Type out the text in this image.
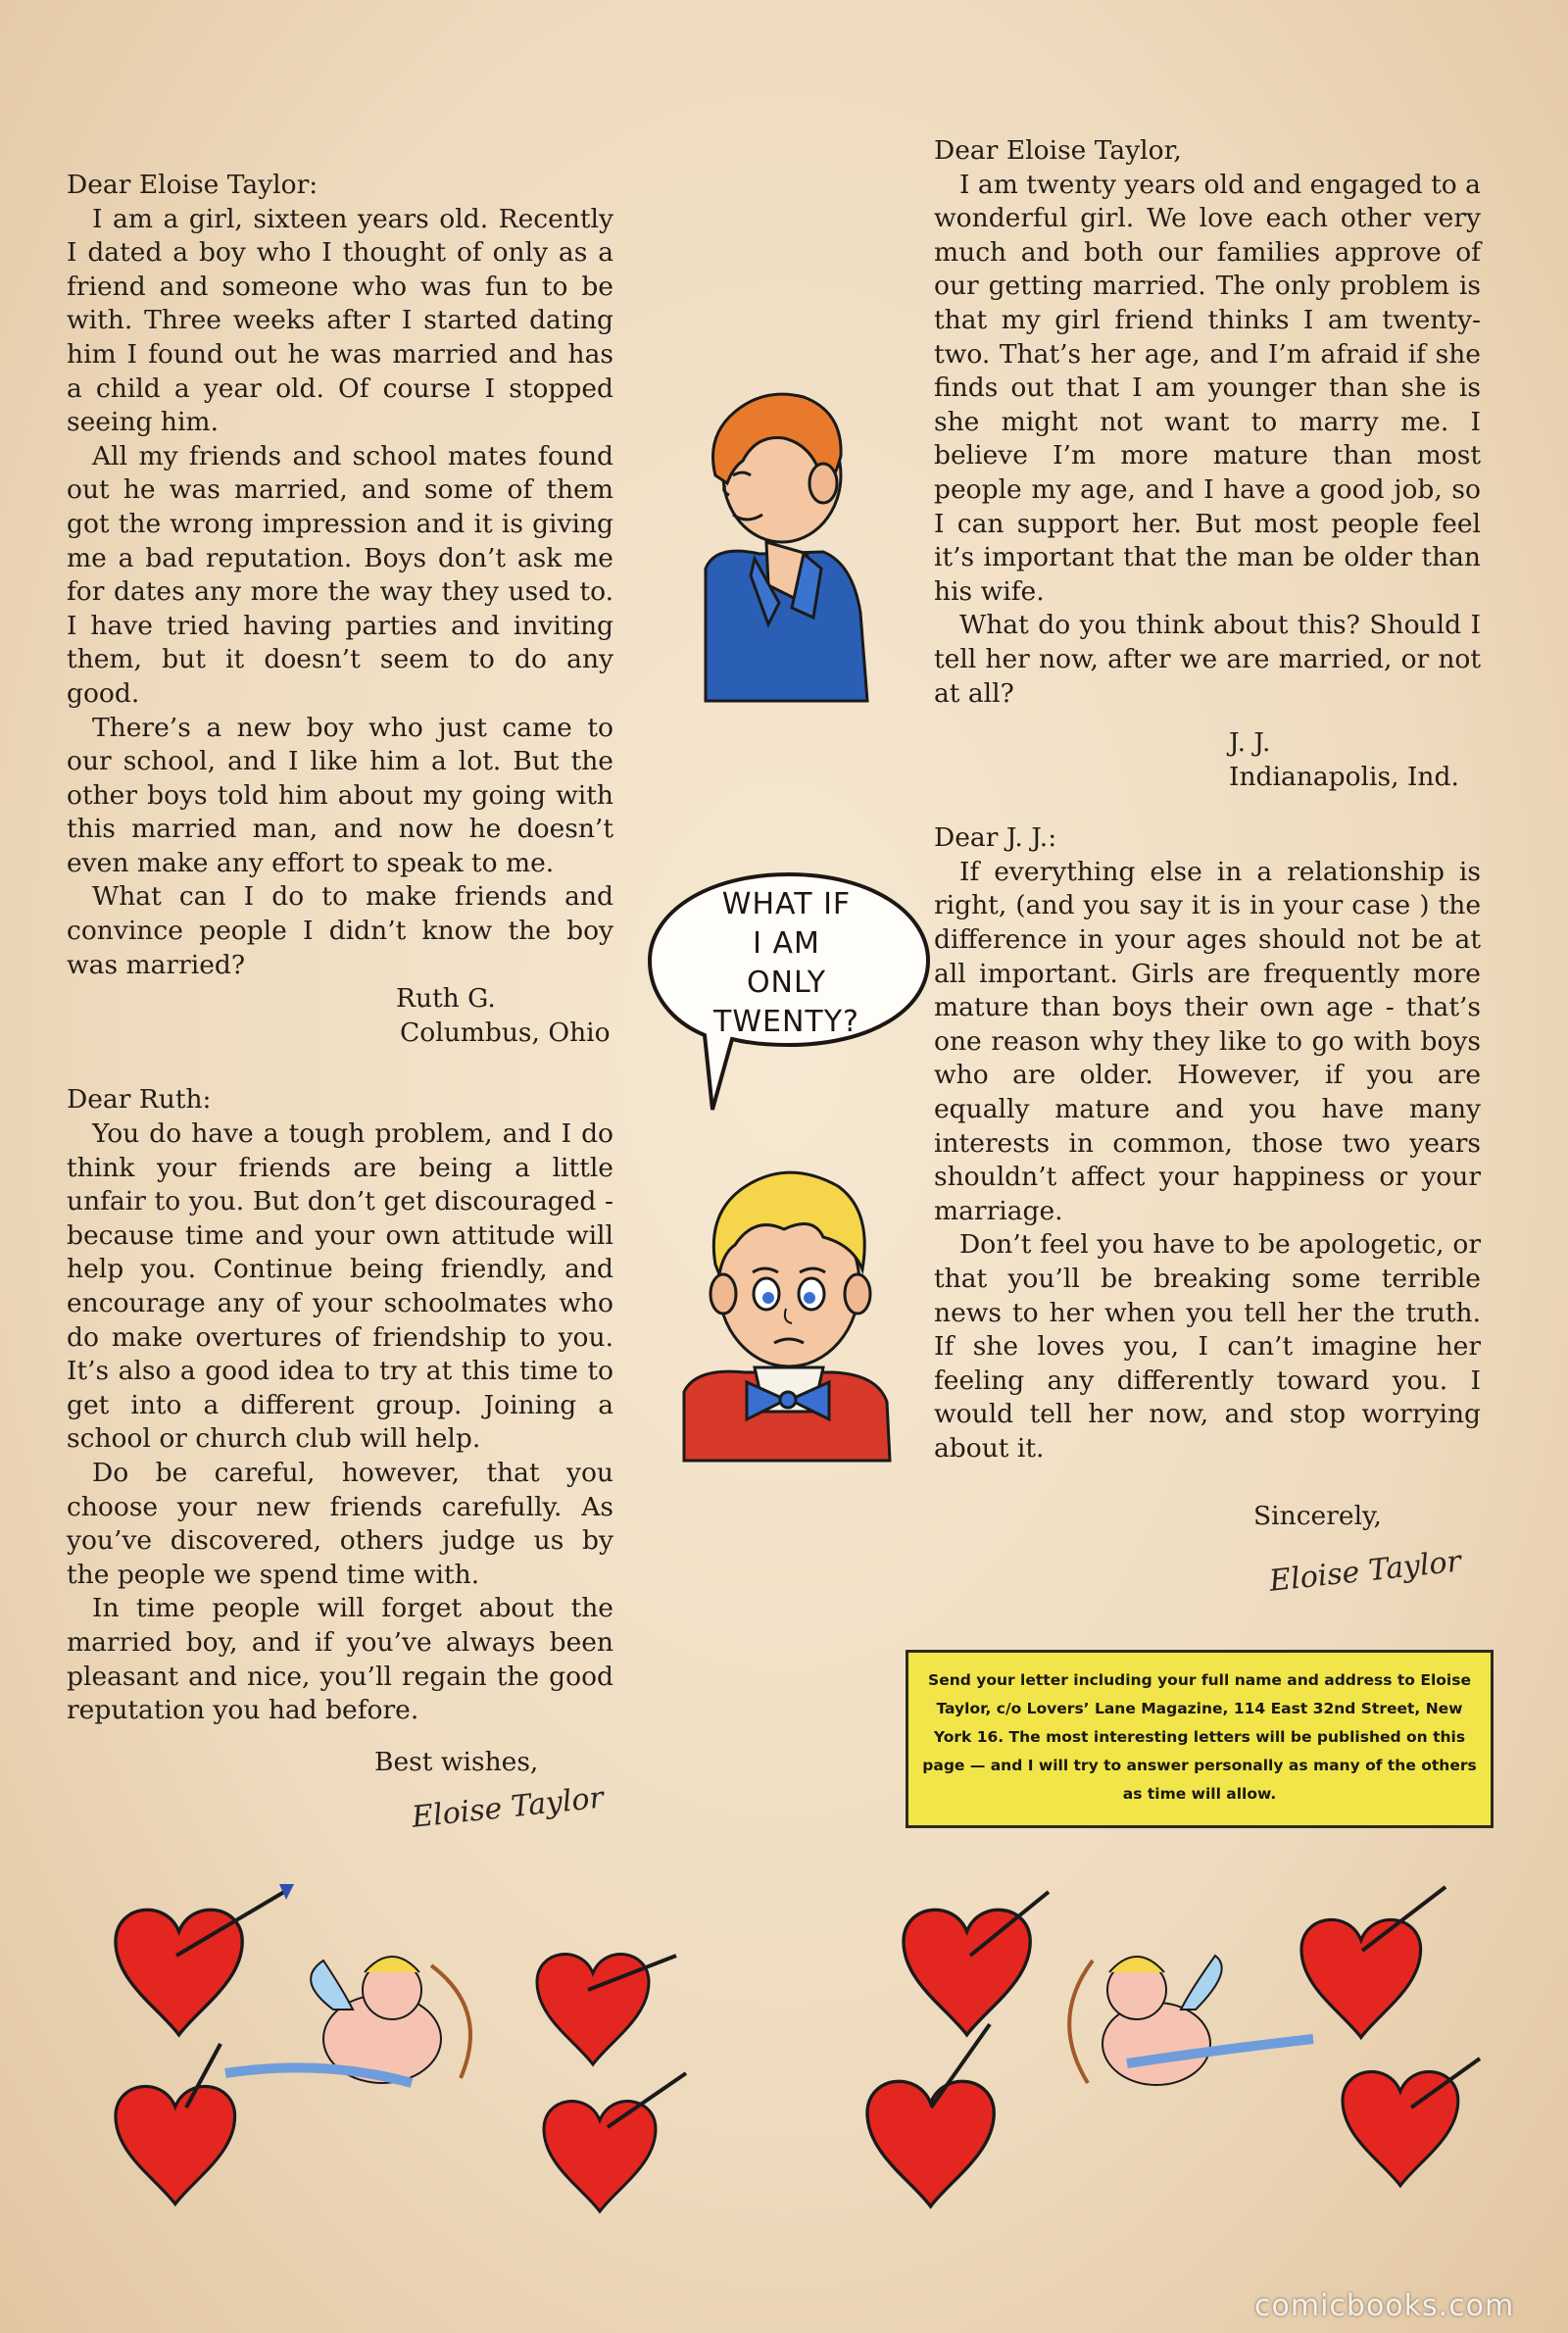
Dear Eloise Taylor:

I am a girl, sixteen years old. Recently I dated a boy who I thought of only as a friend and someone who was fun to be with. Three weeks after I started dating him I found out he was married and has a child a year old. Of course I stopped seeing him.

All my friends and school mates found out he was married, and some of them got the wrong impression and it is giving me a bad reputation. Boys don’t ask me for dates any more the way they used to. I have tried having parties and inviting them, but it doesn’t seem to do any good.

There’s a new boy who just came to our school, and I like him a lot. But the other boys told him about my going with this married man, and now he doesn’t even make any effort to speak to me.

What can I do to make friends and convince people I didn’t know the boy was married?

Ruth G.

Columbus, Ohio

Dear Ruth:

You do have a tough problem, and I do think your friends are being a little unfair to you. But don’t get discouraged - because time and your own attitude will help you. Continue being friendly, and encourage any of your schoolmates who do make overtures of friendship to you. It’s also a good idea to try at this time to get into a different group. Joining a school or church club will help.

Do be careful, however, that you choose your new friends carefully. As you’ve discovered, others judge us by the people we spend time with.

In time people will forget about the married boy, and if you’ve always been pleasant and nice, you’ll regain the good reputation you had before.

Best wishes,

Eloise Taylor

Dear Eloise Taylor,

I am twenty years old and engaged to a wonderful girl. We love each other very much and both our families approve of our getting married. The only problem is that my girl friend thinks I am twenty-two. That’s her age, and I’m afraid if she finds out that I am younger than she is she might not want to marry me. I believe I’m more mature than most people my age, and I have a good job, so I can support her. But most people feel it’s important that the man be older than his wife.

What do you think about this? Should I tell her now, after we are married, or not at all?

J. J.

Indianapolis, Ind.

Dear J. J.:

If everything else in a relationship is right, (and you say it is in your case ) the difference in your ages should not be at all important. Girls are frequently more mature than boys their own age - that’s one reason why they like to go with boys who are older. However, if you are equally mature and you have many interests in common, those two years shouldn’t affect your happiness or your marriage.

Don’t feel you have to be apologetic, or that you’ll be breaking some terrible news to her when you tell her the truth. If she loves you, I can’t imagine her feeling any differently toward you. I would tell her now, and stop worrying about it.

Sincerely,

Eloise Taylor

WHAT IF
I AM
ONLY
TWENTY?
Send your letter including your full name and address to Eloise Taylor, c/o Lovers’ Lane Magazine, 114 East 32nd Street, New York 16. The most interesting letters will be published on this page — and I will try to answer personally as many of the others as time will allow.
comicbooks.com
